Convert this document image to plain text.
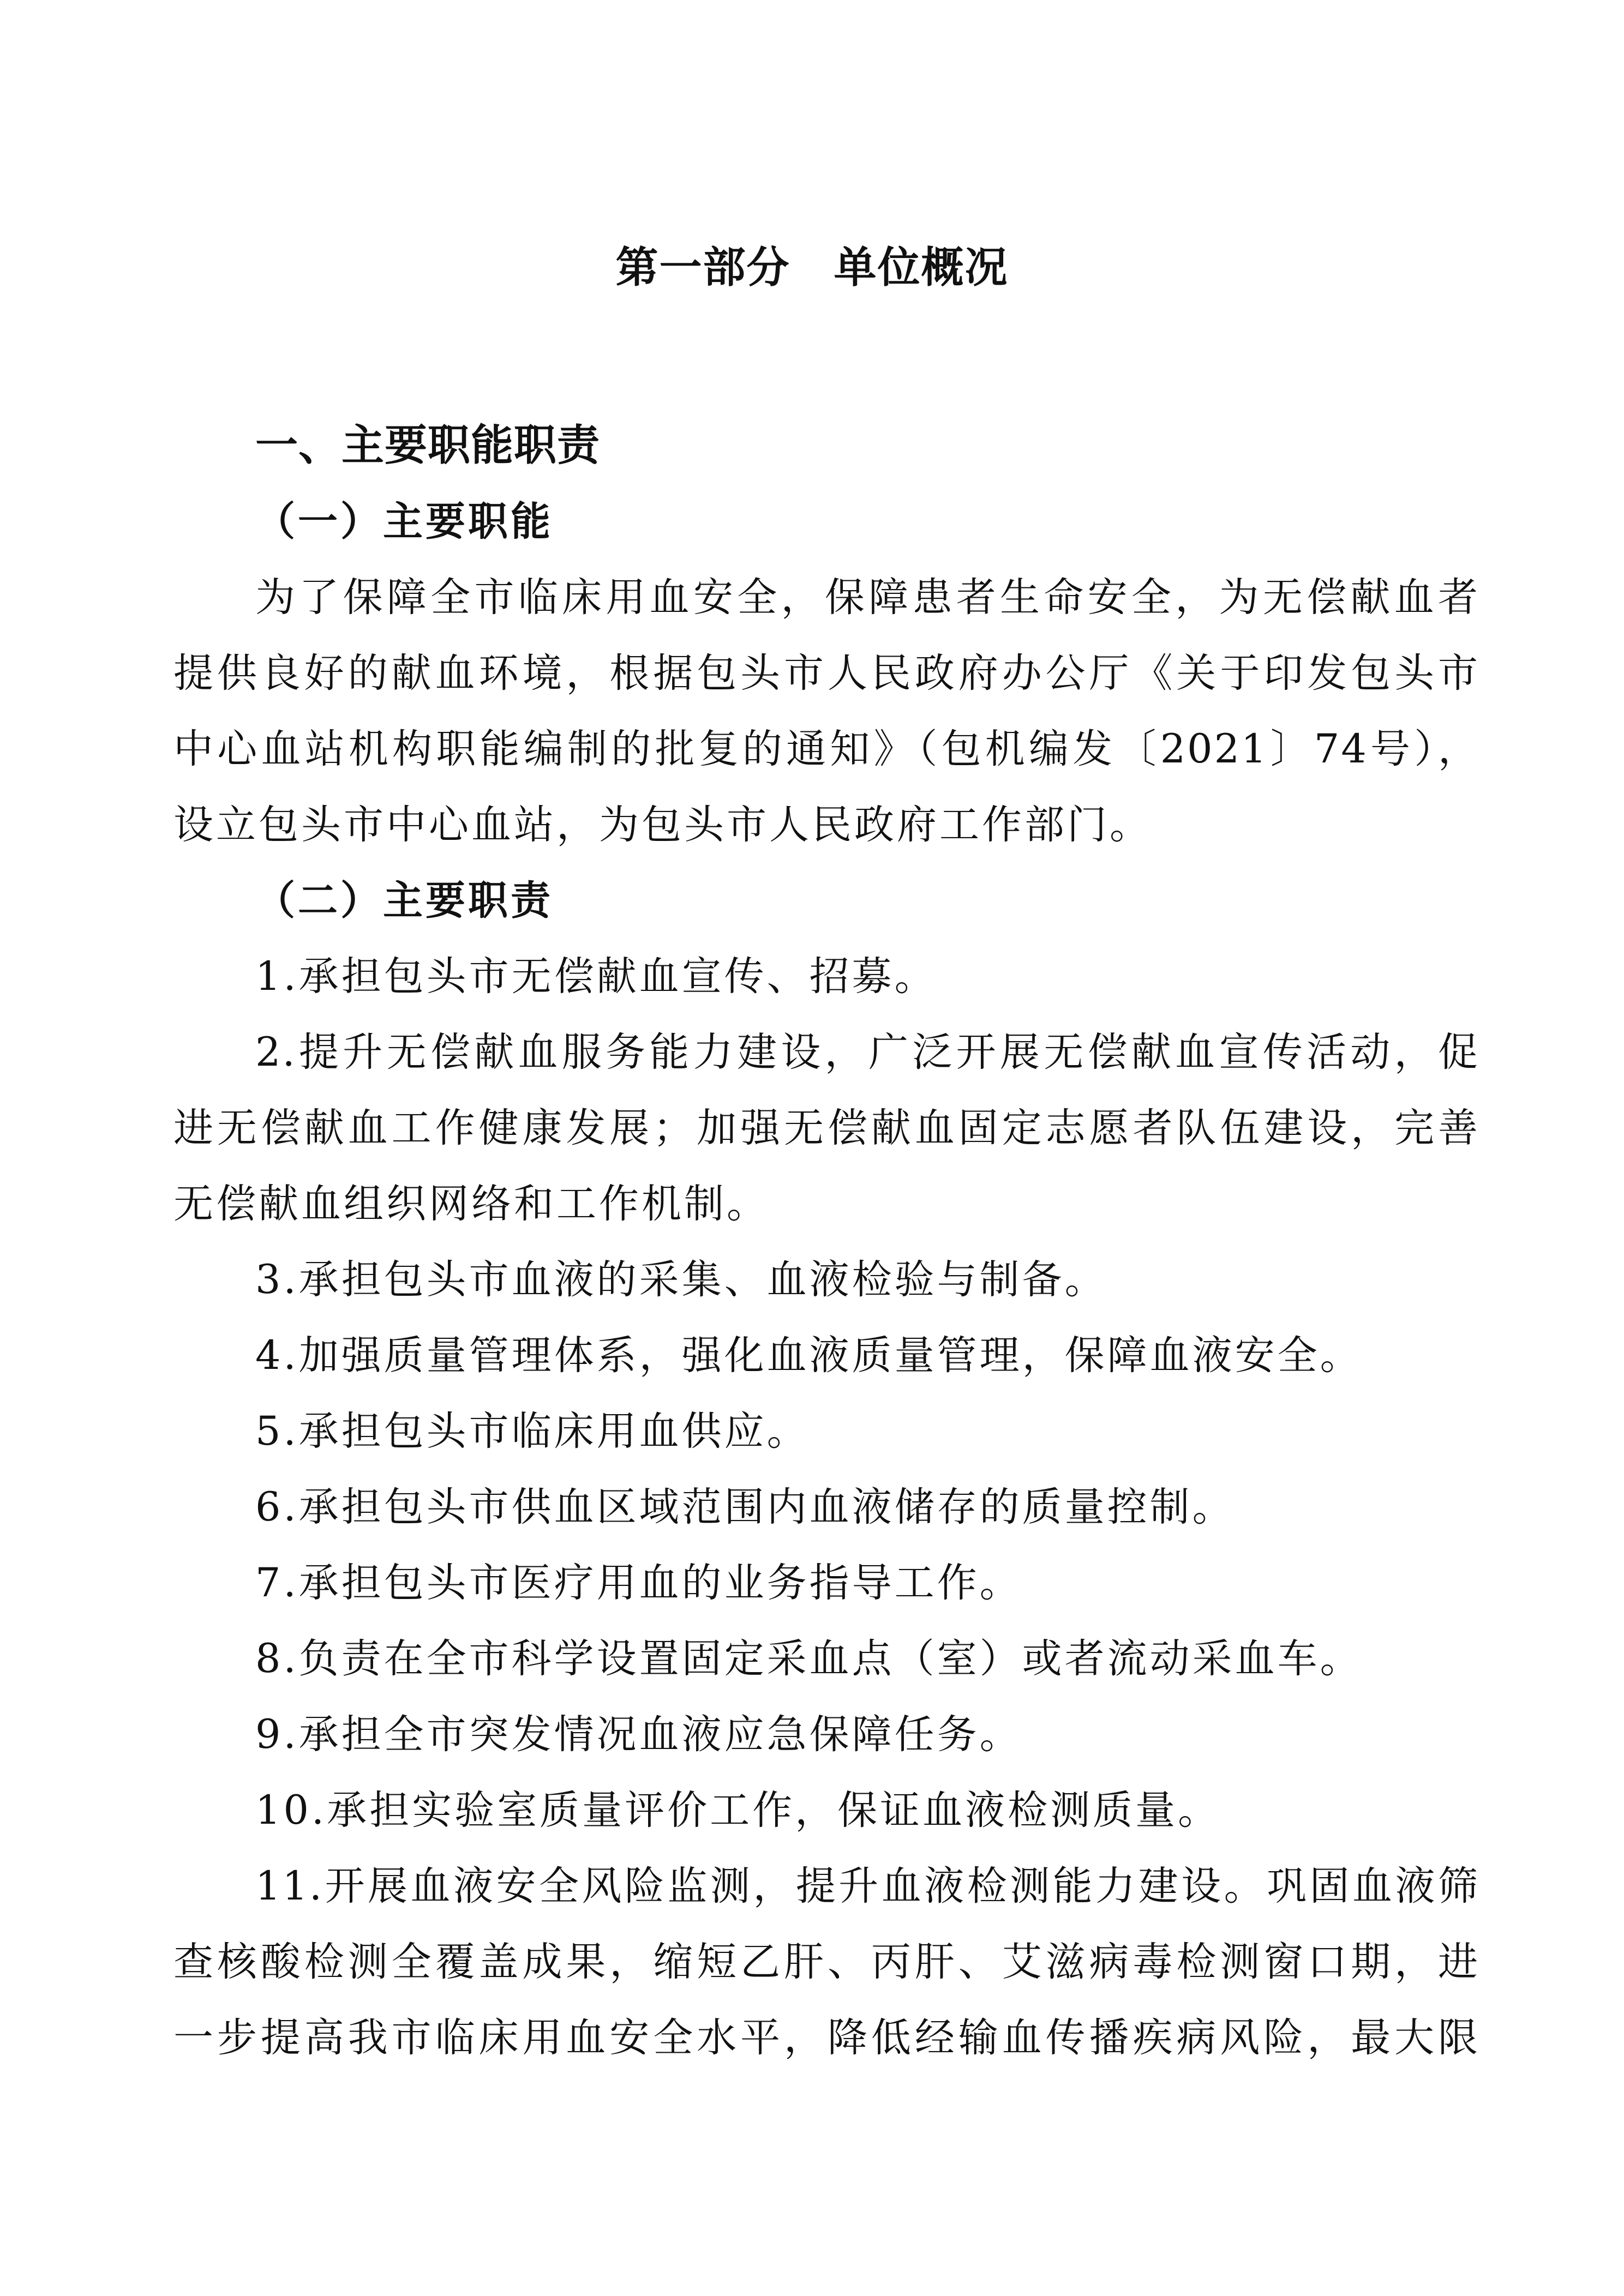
第一部分　单位概况
一、主要职能职责
（一）主要职能
为了保障全市临床用血安全，保障患者生命安全，为无偿献血者
提供良好的献血环境，根据包头市人民政府办公厅《关于印发包头市
中心血站机构职能编制的批复的通知》（包机编发〔2021〕74号），
设立包头市中心血站，为包头市人民政府工作部门。
（二）主要职责
1.承担包头市无偿献血宣传、招募。
2.提升无偿献血服务能力建设，广泛开展无偿献血宣传活动，促
进无偿献血工作健康发展；加强无偿献血固定志愿者队伍建设，完善
无偿献血组织网络和工作机制。
3.承担包头市血液的采集、血液检验与制备。
4.加强质量管理体系，强化血液质量管理，保障血液安全。
5.承担包头市临床用血供应。
6.承担包头市供血区域范围内血液储存的质量控制。
7.承担包头市医疗用血的业务指导工作。
8.负责在全市科学设置固定采血点（室）或者流动采血车。
9.承担全市突发情况血液应急保障任务。
10.承担实验室质量评价工作，保证血液检测质量。
11.开展血液安全风险监测，提升血液检测能力建设。巩固血液筛
查核酸检测全覆盖成果，缩短乙肝、丙肝、艾滋病毒检测窗口期，进
一步提高我市临床用血安全水平，降低经输血传播疾病风险，最大限
